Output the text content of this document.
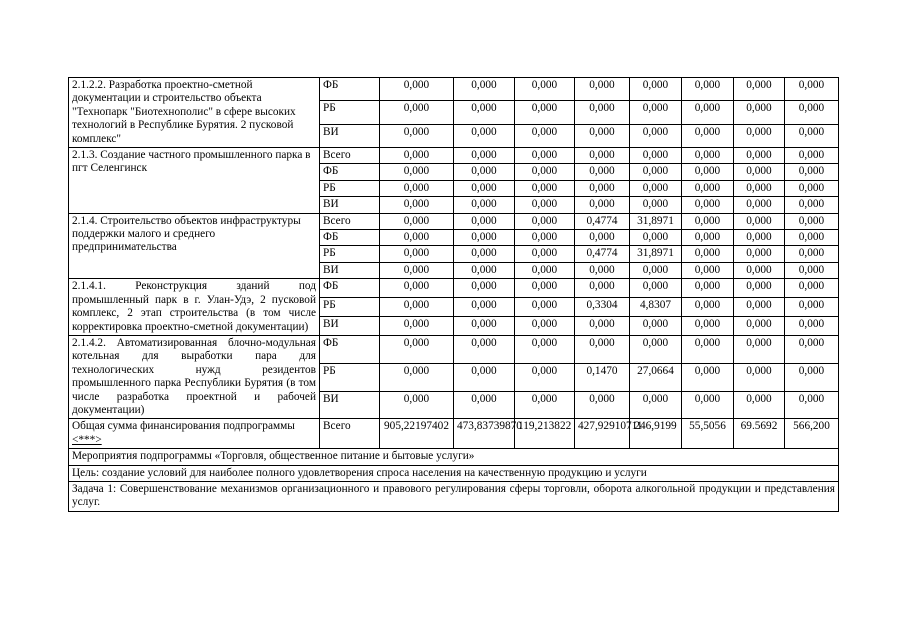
2.1.2.2. Разработка проектно-сметной документации и строительство объекта "Технопарк "Биотехнополис" в сфере высоких технологий в Республике Бурятия. 2 пусковой комплекс"	ФБ	0,000	0,000	0,000	0,000	0,000	0,000	0,000	0,000
	РБ	0,000	0,000	0,000	0,000	0,000	0,000	0,000	0,000
	ВИ	0,000	0,000	0,000	0,000	0,000	0,000	0,000	0,000
2.1.3. Создание частного промышленного парка в пгт Селенгинск	Всего	0,000	0,000	0,000	0,000	0,000	0,000	0,000	0,000
	ФБ	0,000	0,000	0,000	0,000	0,000	0,000	0,000	0,000
	РБ	0,000	0,000	0,000	0,000	0,000	0,000	0,000	0,000
	ВИ	0,000	0,000	0,000	0,000	0,000	0,000	0,000	0,000
2.1.4. Строительство объектов инфраструктуры поддержки малого и среднего предпринимательства	Всего	0,000	0,000	0,000	0,4774	31,8971	0,000	0,000	0,000
	ФБ	0,000	0,000	0,000	0,000	0,000	0,000	0,000	0,000
	РБ	0,000	0,000	0,000	0,4774	31,8971	0,000	0,000	0,000
	ВИ	0,000	0,000	0,000	0,000	0,000	0,000	0,000	0,000
2.1.4.1. Реконструкция зданий под промышленный парк в г. Улан-Удэ, 2 пусковой комплекс, 2 этап строительства (в том числе корректировка проектно-сметной документации)	ФБ	0,000	0,000	0,000	0,000	0,000	0,000	0,000	0,000
	РБ	0,000	0,000	0,000	0,3304	4,8307	0,000	0,000	0,000
	ВИ	0,000	0,000	0,000	0,000	0,000	0,000	0,000	0,000
2.1.4.2. Автоматизированная блочно-модульная котельная для выработки пара для технологических нужд резидентов промышленного парка Республики Бурятия (в том числе разработка проектной и рабочей документации)	ФБ	0,000	0,000	0,000	0,000	0,000	0,000	0,000	0,000
	РБ	0,000	0,000	0,000	0,1470	27,0664	0,000	0,000	0,000
	ВИ	0,000	0,000	0,000	0,000	0,000	0,000	0,000	0,000
Общая сумма финансирования подпрограммы <***>	Всего	905,22197402	473,83739870	119,213822	427,92910711	246,9199	55,5056	69.5692	566,200
Мероприятия подпрограммы «Торговля, общественное питание и бытовые услуги»									
Цель: создание условий для наиболее полного удовлетворения спроса населения на качественную продукцию и услуги									
Задача 1: Совершенствование механизмов организационного и правового регулирования сферы торговли, оборота алкогольной продукции и представления услуг.									
